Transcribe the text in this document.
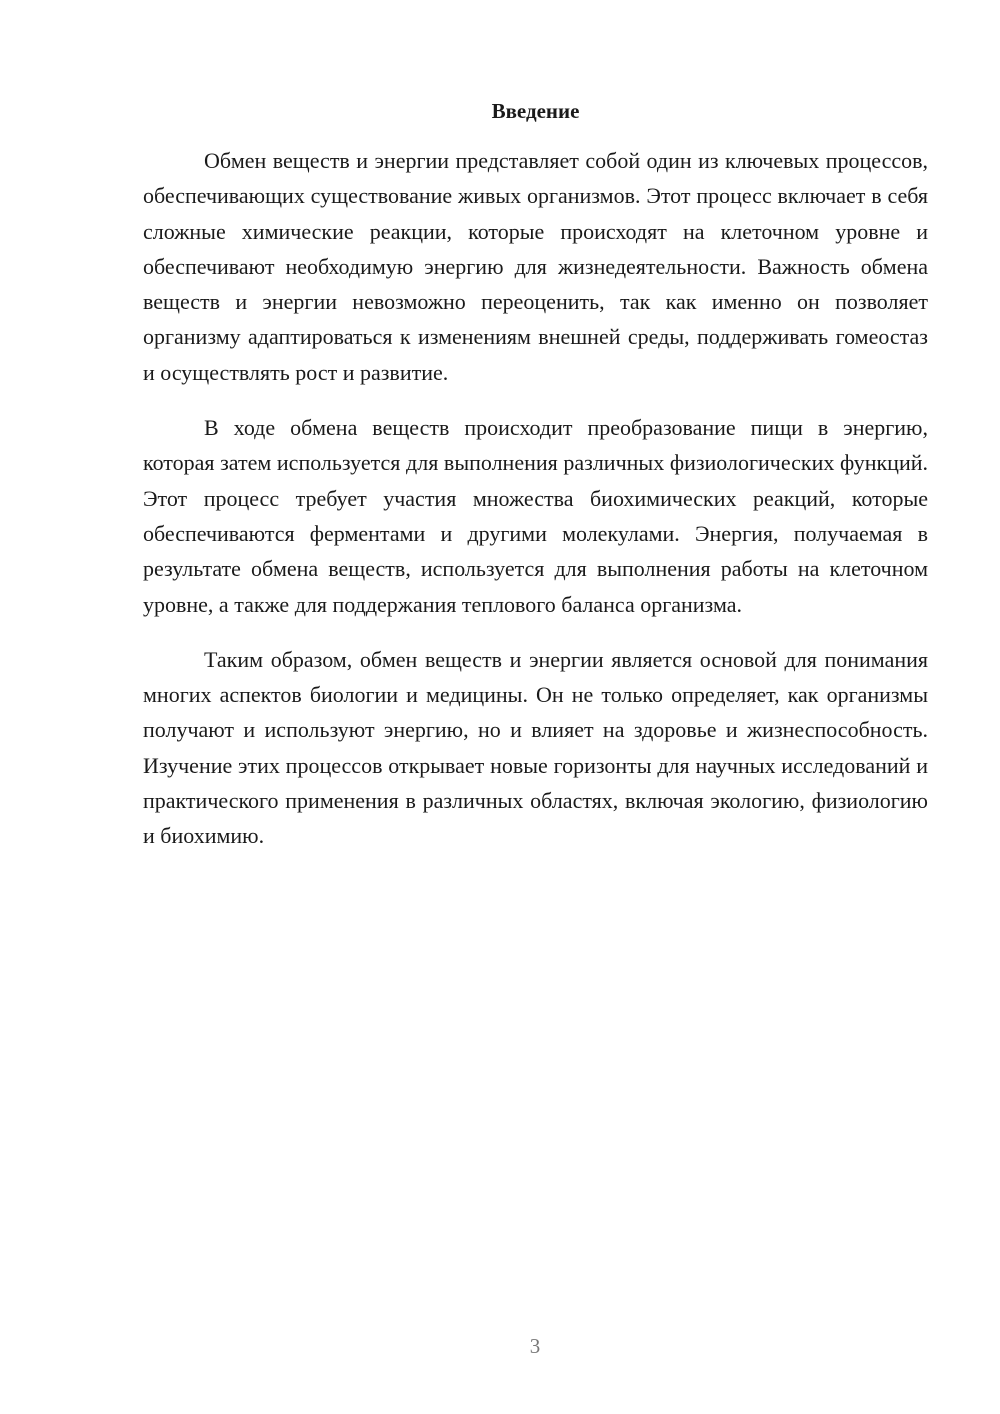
Введение

Обмен веществ и энергии представляет собой один из ключевых процессов, обеспечивающих существование живых организмов. Этот процесс включает в себя сложные химические реакции, которые происходят на клеточном уровне и обеспечивают необходимую энергию для жизнедеятельности. Важность обмена веществ и энергии невозможно переоценить, так как именно он позволяет организму адаптироваться к изменениям внешней среды, поддерживать гомеостаз и осуществлять рост и развитие.

В ходе обмена веществ происходит преобразование пищи в энергию, которая затем используется для выполнения различных физиологических функций. Этот процесс требует участия множества биохимических реакций, которые обеспечиваются ферментами и другими молекулами. Энергия, получаемая в результате обмена веществ, используется для выполнения работы на клеточном уровне, а также для поддержания теплового баланса организма.

Таким образом, обмен веществ и энергии является основой для понимания многих аспектов биологии и медицины. Он не только определяет, как организмы получают и используют энергию, но и влияет на здоровье и жизнеспособность. Изучение этих процессов открывает новые горизонты для научных исследований и практического применения в различных областях, включая экологию, физиологию и биохимию.

3
